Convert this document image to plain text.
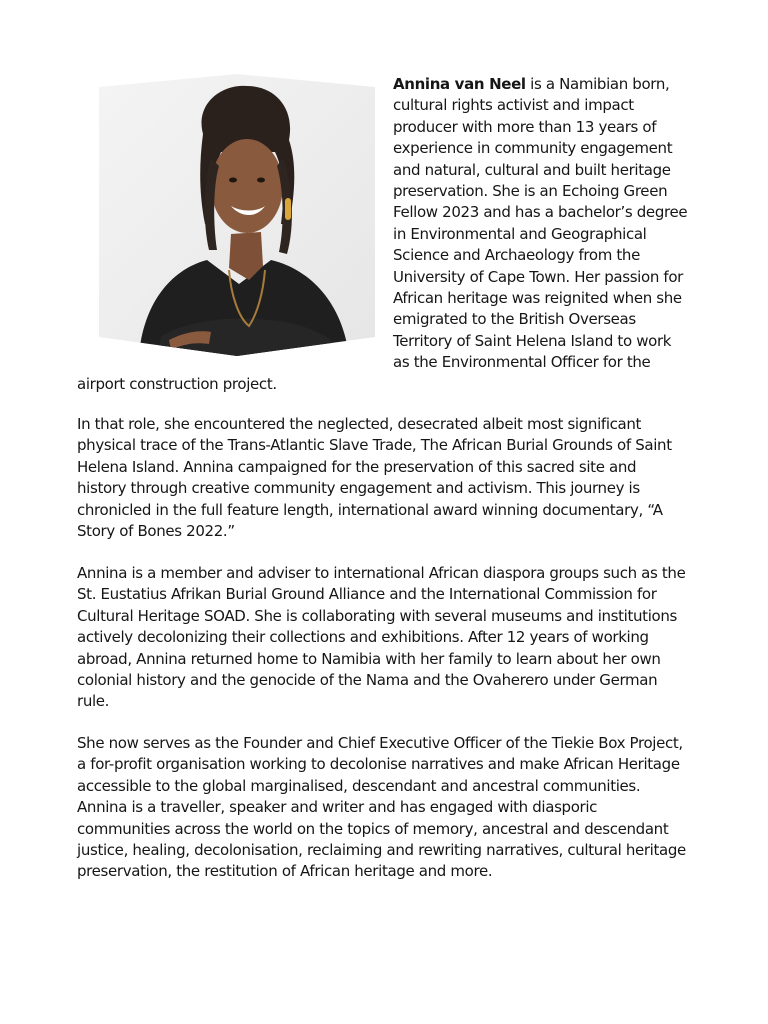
Annina van Neel is a Namibian born, cultural rights activist and impact producer with more than 13 years of experience in community engagement and natural, cultural and built heritage preservation. She is an Echoing Green Fellow 2023 and has a bachelor’s degree in Environmental and Geographical Science and Archaeology from the University of Cape Town. Her passion for African heritage was reignited when she emigrated to the British Overseas Territory of Saint Helena Island to work as the Environmental Officer for the airport construction project.

In that role, she encountered the neglected, desecrated albeit most significant physical trace of the Trans-Atlantic Slave Trade, The African Burial Grounds of Saint Helena Island. Annina campaigned for the preservation of this sacred site and history through creative community engagement and activism. This journey is chronicled in the full feature length, international award winning documentary, “A Story of Bones 2022.”

Annina is a member and adviser to international African diaspora groups such as the St. Eustatius Afrikan Burial Ground Alliance and the International Commission for Cultural Heritage SOAD. She is collaborating with several museums and institutions actively decolonizing their collections and exhibitions. After 12 years of working abroad, Annina returned home to Namibia with her family to learn about her own colonial history and the genocide of the Nama and the Ovaherero under German rule.

She now serves as the Founder and Chief Executive Officer of the Tiekie Box Project, a for-profit organisation working to decolonise narratives and make African Heritage accessible to the global marginalised, descendant and ancestral communities. Annina is a traveller, speaker and writer and has engaged with diasporic communities across the world on the topics of memory, ancestral and descendant justice, healing, decolonisation, reclaiming and rewriting narratives, cultural heritage preservation, the restitution of African heritage and more.
